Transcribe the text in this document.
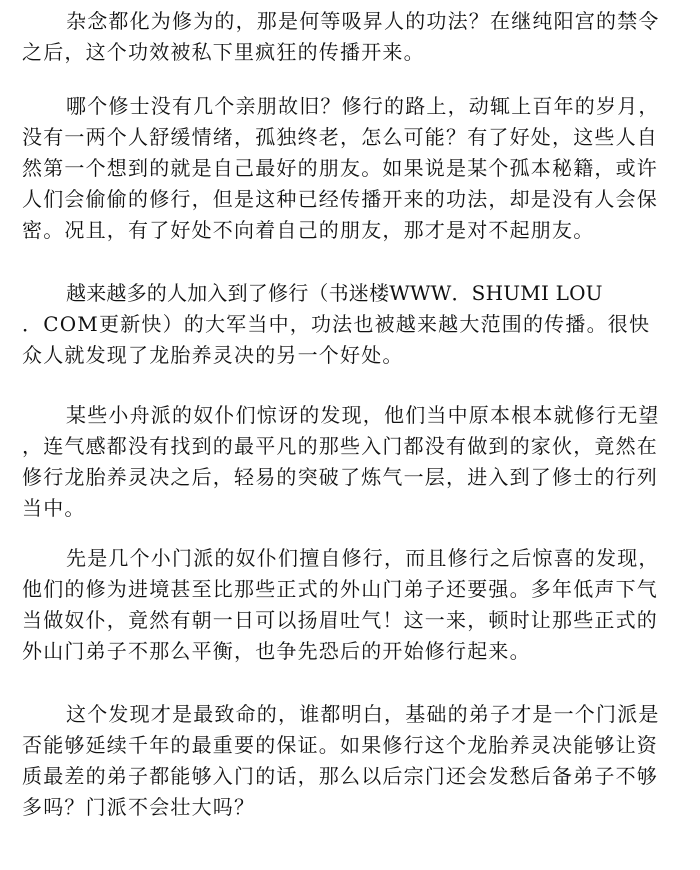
杂念都化为修为的，那是何等吸昇人的功法？在继纯阳宫的禁令
之后，这个功效被私下里疯狂的传播开来。
哪个修士没有几个亲朋故旧？修行的路上，动辄上百年的岁月，
没有一两个人舒缓情绪，孤独终老，怎么可能？有了好处，这些人自
然第一个想到的就是自己最好的朋友。如果说是某个孤本秘籍，或许
人们会偷偷的修行，但是这种已经传播开来的功法，却是没有人会保
密。况且，有了好处不向着自己的朋友，那才是对不起朋友。
越来越多的人加入到了修行（书迷楼WWW．SHUMI LOU
．COM更新快）的大军当中，功法也被越来越大范围的传播。很快
众人就发现了龙胎养灵决的另一个好处。
某些小舟派的奴仆们惊讶的发现，他们当中原本根本就修行无望
，连气感都没有找到的最平凡的那些入门都没有做到的家伙，竟然在
修行龙胎养灵决之后，轻易的突破了炼气一层，进入到了修士的行列
当中。
先是几个小门派的奴仆们擅自修行，而且修行之后惊喜的发现，
他们的修为进境甚至比那些正式的外山门弟子还要强。多年低声下气
当做奴仆，竟然有朝一日可以扬眉吐气！这一来，顿时让那些正式的
外山门弟子不那么平衡，也争先恐后的开始修行起来。
这个发现才是最致命的，谁都明白，基础的弟子才是一个门派是
否能够延续千年的最重要的保证。如果修行这个龙胎养灵决能够让资
质最差的弟子都能够入门的话，那么以后宗门还会发愁后备弟子不够
多吗？门派不会壮大吗？
